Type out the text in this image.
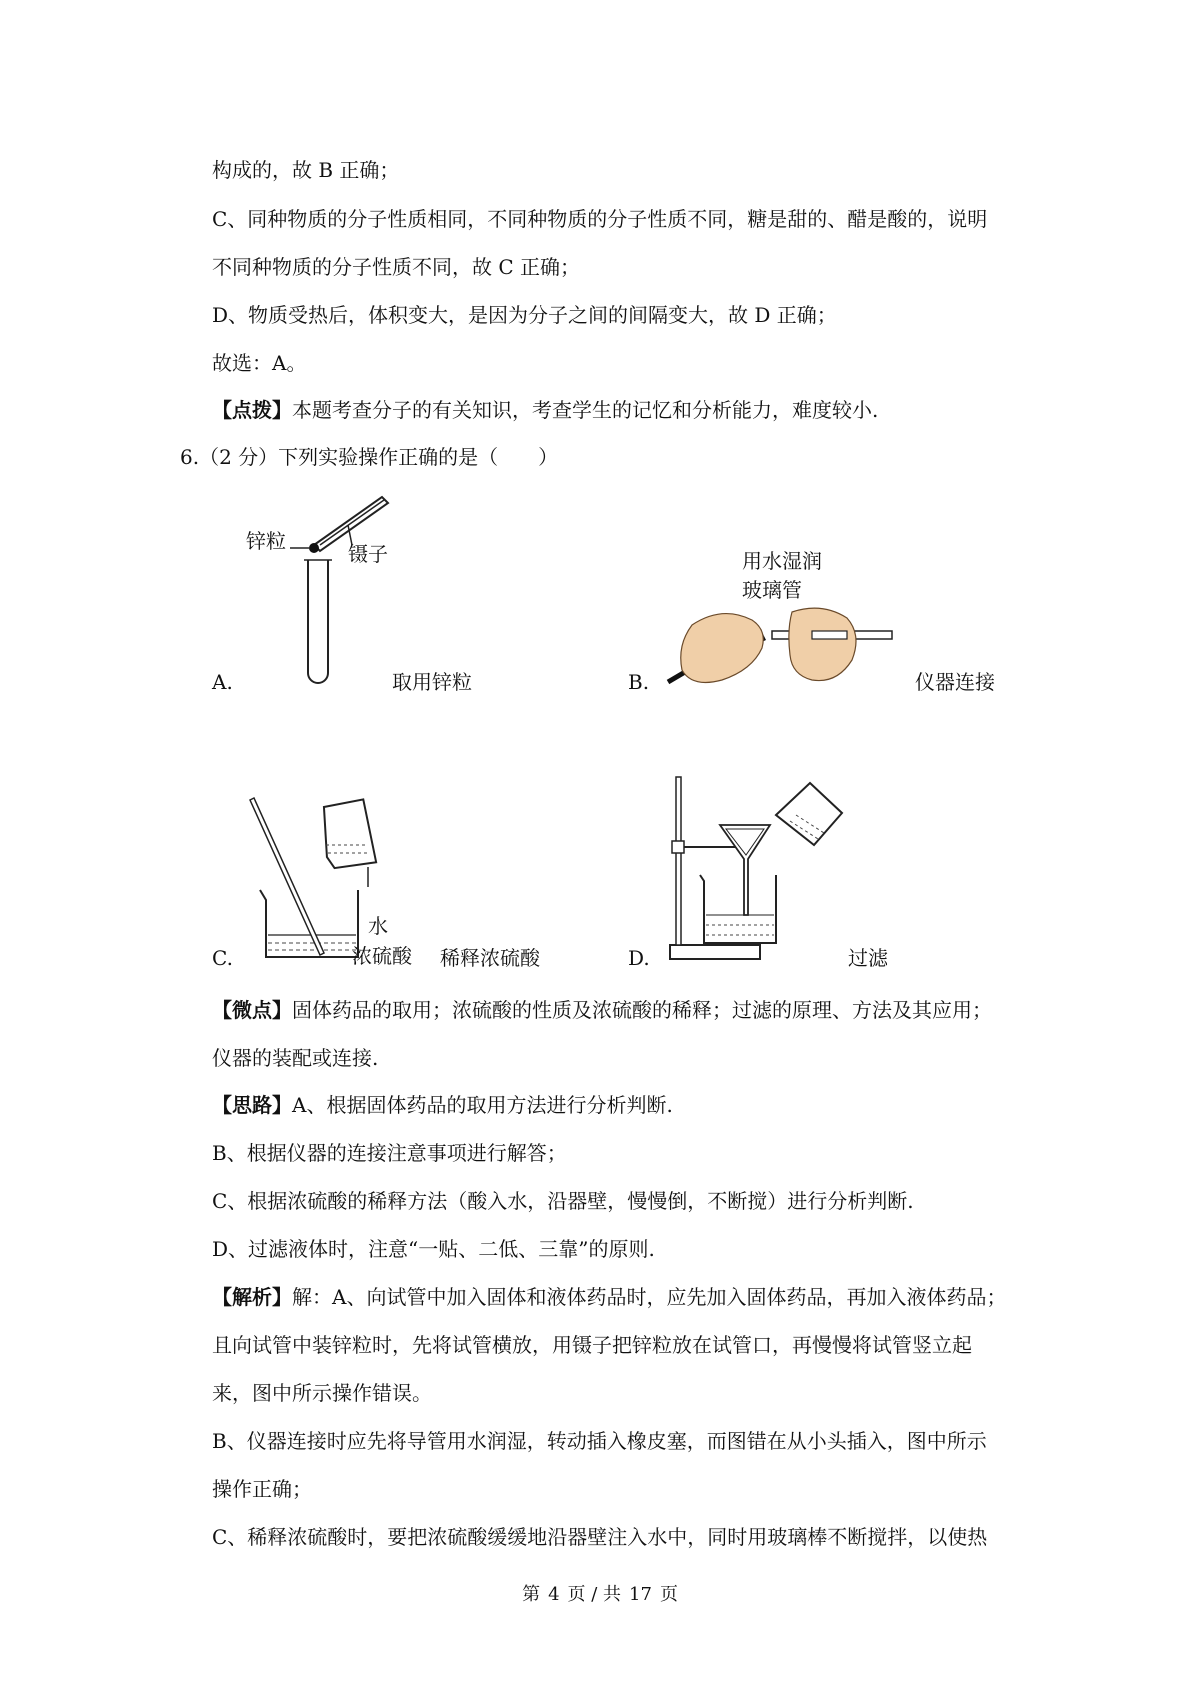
构成的，故 B 正确；
C、同种物质的分子性质相同，不同种物质的分子性质不同，糖是甜的、醋是酸的，说明
不同种物质的分子性质不同，故 C 正确；
D、物质受热后，体积变大，是因为分子之间的间隔变大，故 D 正确；
故选：A。
【点拨】本题考查分子的有关知识，考查学生的记忆和分析能力，难度较小.
6.（2 分）下列实验操作正确的是（　　）
A.
锌粒
镊子
取用锌粒	B.
用水湿润
玻璃管
仪器连接
C.
水
浓硫酸 稀释浓硫酸	D.	过滤
【微点】固体药品的取用；浓硫酸的性质及浓硫酸的稀释；过滤的原理、方法及其应用；
仪器的装配或连接.
【思路】A、根据固体药品的取用方法进行分析判断.
B、根据仪器的连接注意事项进行解答；
C、根据浓硫酸的稀释方法（酸入水，沿器壁，慢慢倒，不断搅）进行分析判断.
D、过滤液体时，注意“一贴、二低、三靠”的原则.
【解析】解：A、向试管中加入固体和液体药品时，应先加入固体药品，再加入液体药品；
且向试管中装锌粒时，先将试管横放，用镊子把锌粒放在试管口，再慢慢将试管竖立起
来，图中所示操作错误。
B、仪器连接时应先将导管用水润湿，转动插入橡皮塞，而图错在从小头插入，图中所示
操作正确；
C、稀释浓硫酸时，要把浓硫酸缓缓地沿器壁注入水中，同时用玻璃棒不断搅拌，以使热
第 4 页 / 共 17 页
